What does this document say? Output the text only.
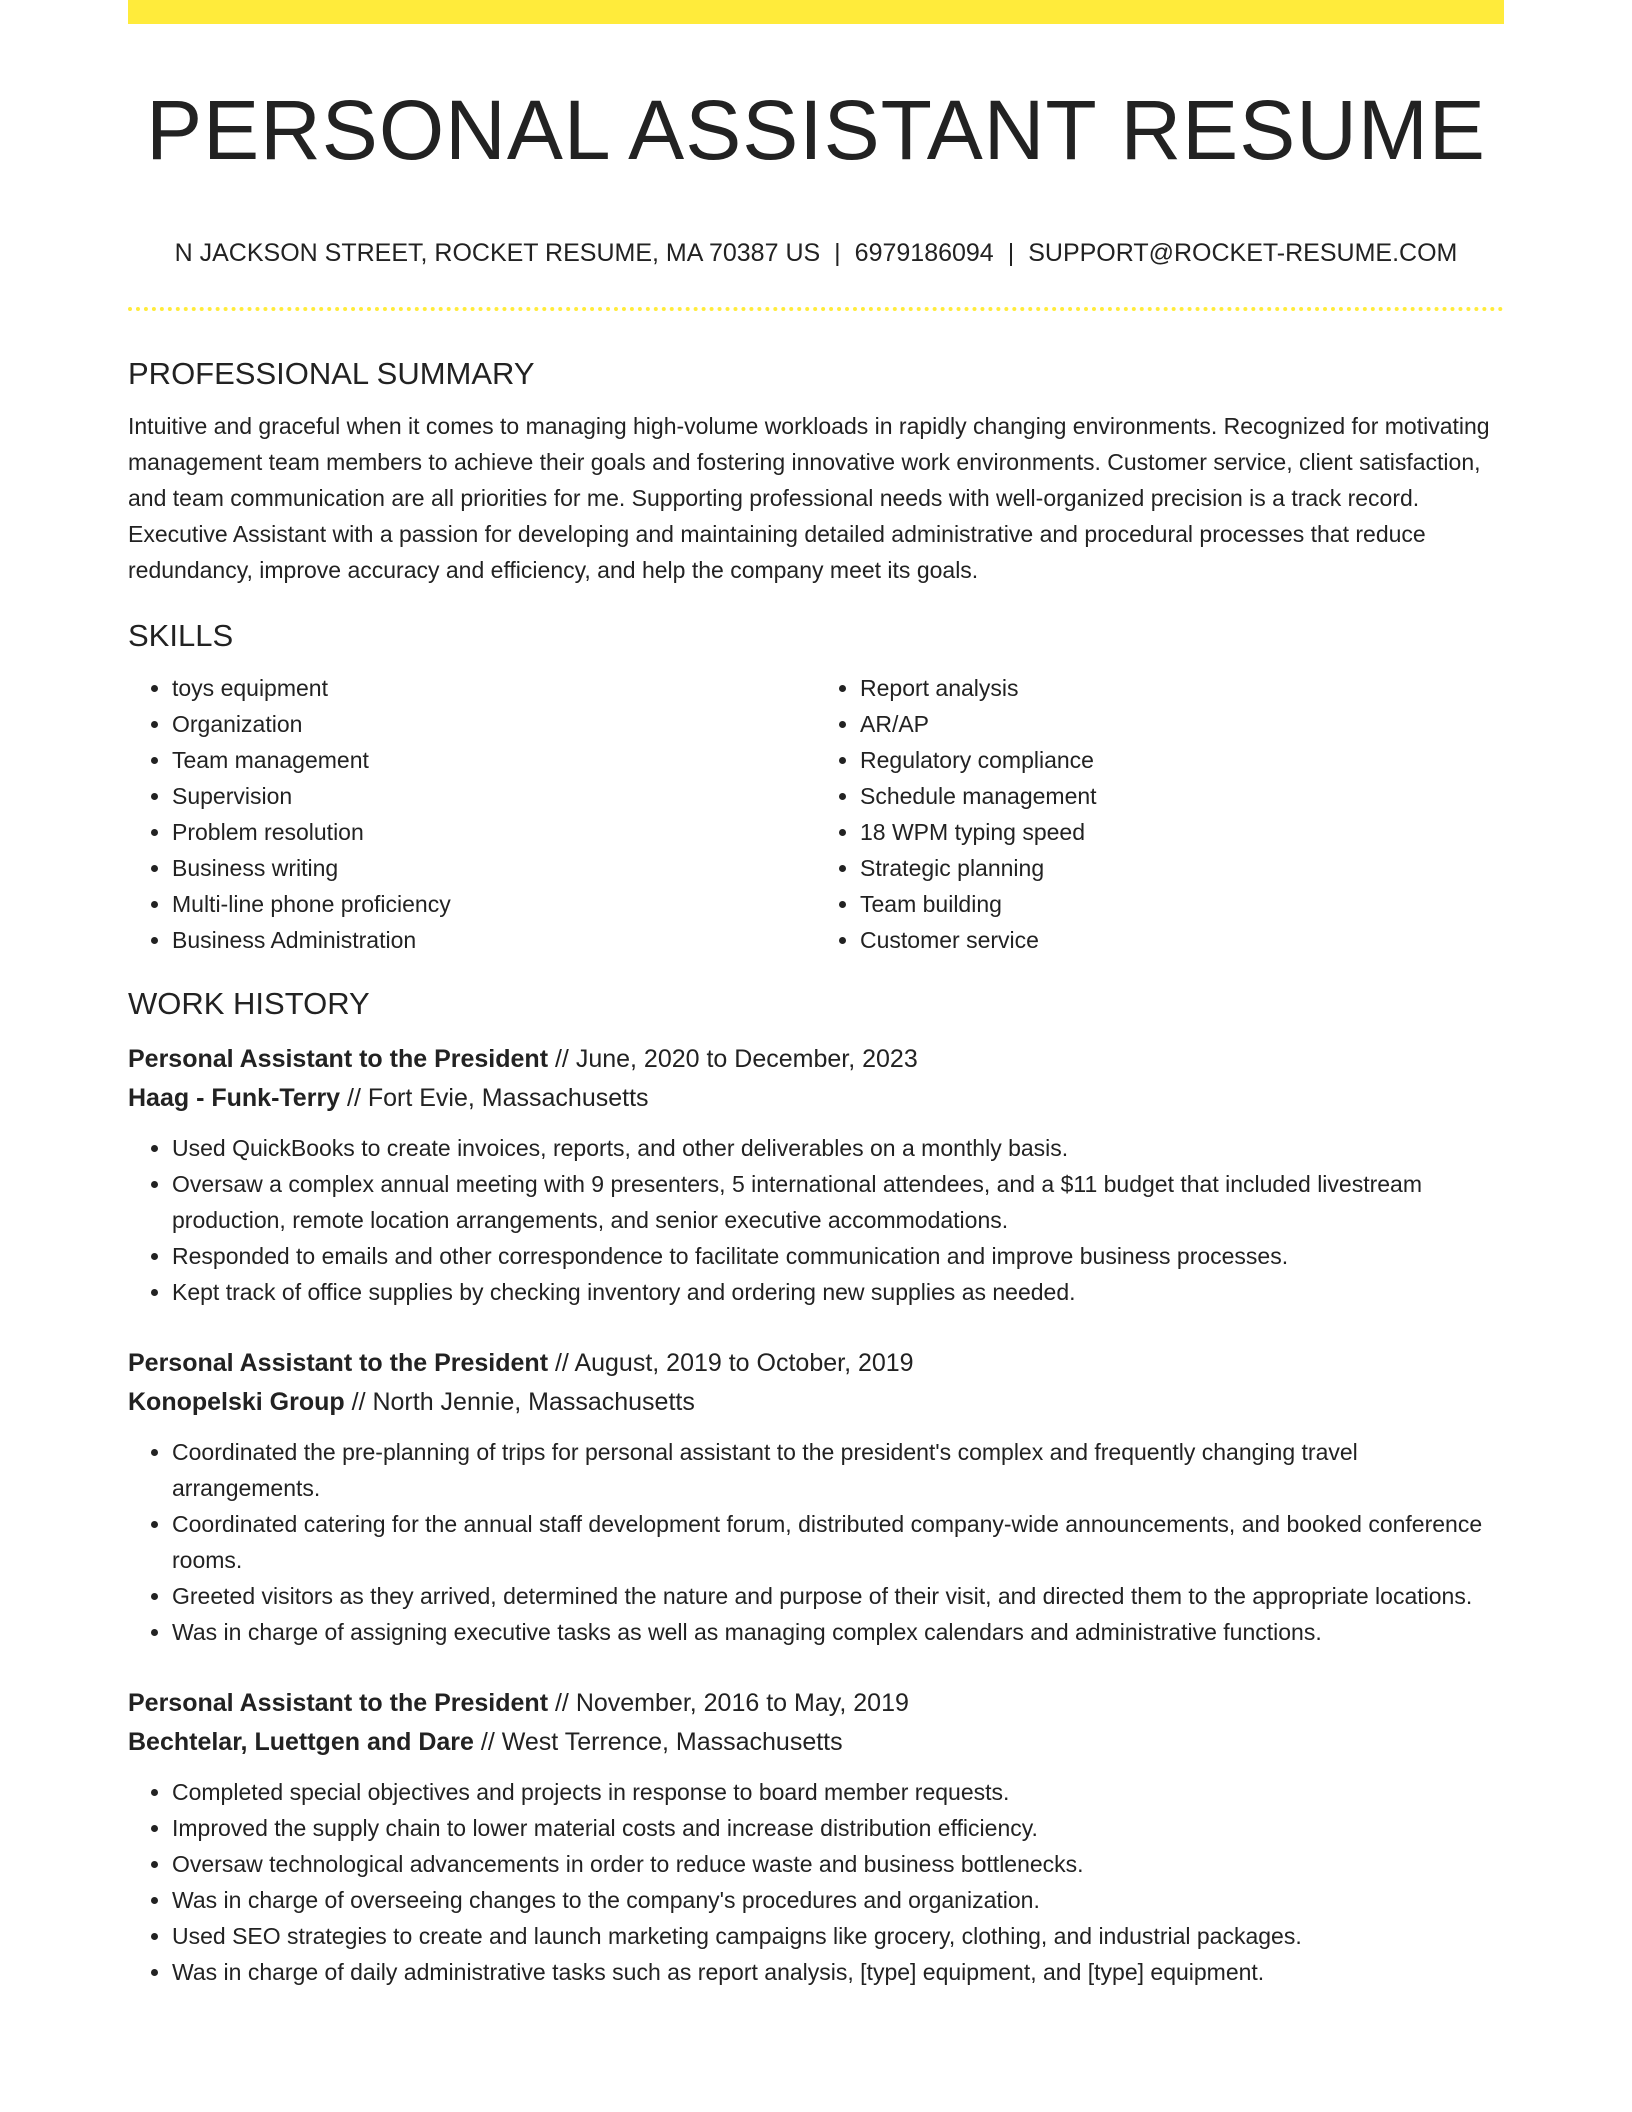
PERSONAL ASSISTANT RESUME
N JACKSON STREET, ROCKET RESUME, MA 70387 US | 6979186094 | SUPPORT@ROCKET-RESUME.COM
PROFESSIONAL SUMMARY

Intuitive and graceful when it comes to managing high-volume workloads in rapidly changing environments. Recognized for motivating management team members to achieve their goals and fostering innovative work environments. Customer service, client satisfaction, and team communication are all priorities for me. Supporting professional needs with well-organized precision is a track record. Executive Assistant with a passion for developing and maintaining detailed administrative and procedural processes that reduce redundancy, improve accuracy and efficiency, and help the company meet its goals.

SKILLS
• toys equipment
• Organization
• Team management
• Supervision
• Problem resolution
• Business writing
• Multi-line phone proficiency
• Business Administration
• Report analysis
• AR/AP
• Regulatory compliance
• Schedule management
• 18 WPM typing speed
• Strategic planning
• Team building
• Customer service
WORK HISTORY
Personal Assistant to the President // June, 2020 to December, 2023
Haag - Funk-Terry // Fort Evie, Massachusetts
• Used QuickBooks to create invoices, reports, and other deliverables on a monthly basis.
• Oversaw a complex annual meeting with 9 presenters, 5 international attendees, and a $11 budget that included livestream production, remote location arrangements, and senior executive accommodations.
• Responded to emails and other correspondence to facilitate communication and improve business processes.
• Kept track of office supplies by checking inventory and ordering new supplies as needed.
Personal Assistant to the President // August, 2019 to October, 2019
Konopelski Group // North Jennie, Massachusetts
• Coordinated the pre-planning of trips for personal assistant to the president's complex and frequently changing travel arrangements.
• Coordinated catering for the annual staff development forum, distributed company-wide announcements, and booked conference rooms.
• Greeted visitors as they arrived, determined the nature and purpose of their visit, and directed them to the appropriate locations.
• Was in charge of assigning executive tasks as well as managing complex calendars and administrative functions.
Personal Assistant to the President // November, 2016 to May, 2019
Bechtelar, Luettgen and Dare // West Terrence, Massachusetts
• Completed special objectives and projects in response to board member requests.
• Improved the supply chain to lower material costs and increase distribution efficiency.
• Oversaw technological advancements in order to reduce waste and business bottlenecks.
• Was in charge of overseeing changes to the company's procedures and organization.
• Used SEO strategies to create and launch marketing campaigns like grocery, clothing, and industrial packages.
• Was in charge of daily administrative tasks such as report analysis, [type] equipment, and [type] equipment.
